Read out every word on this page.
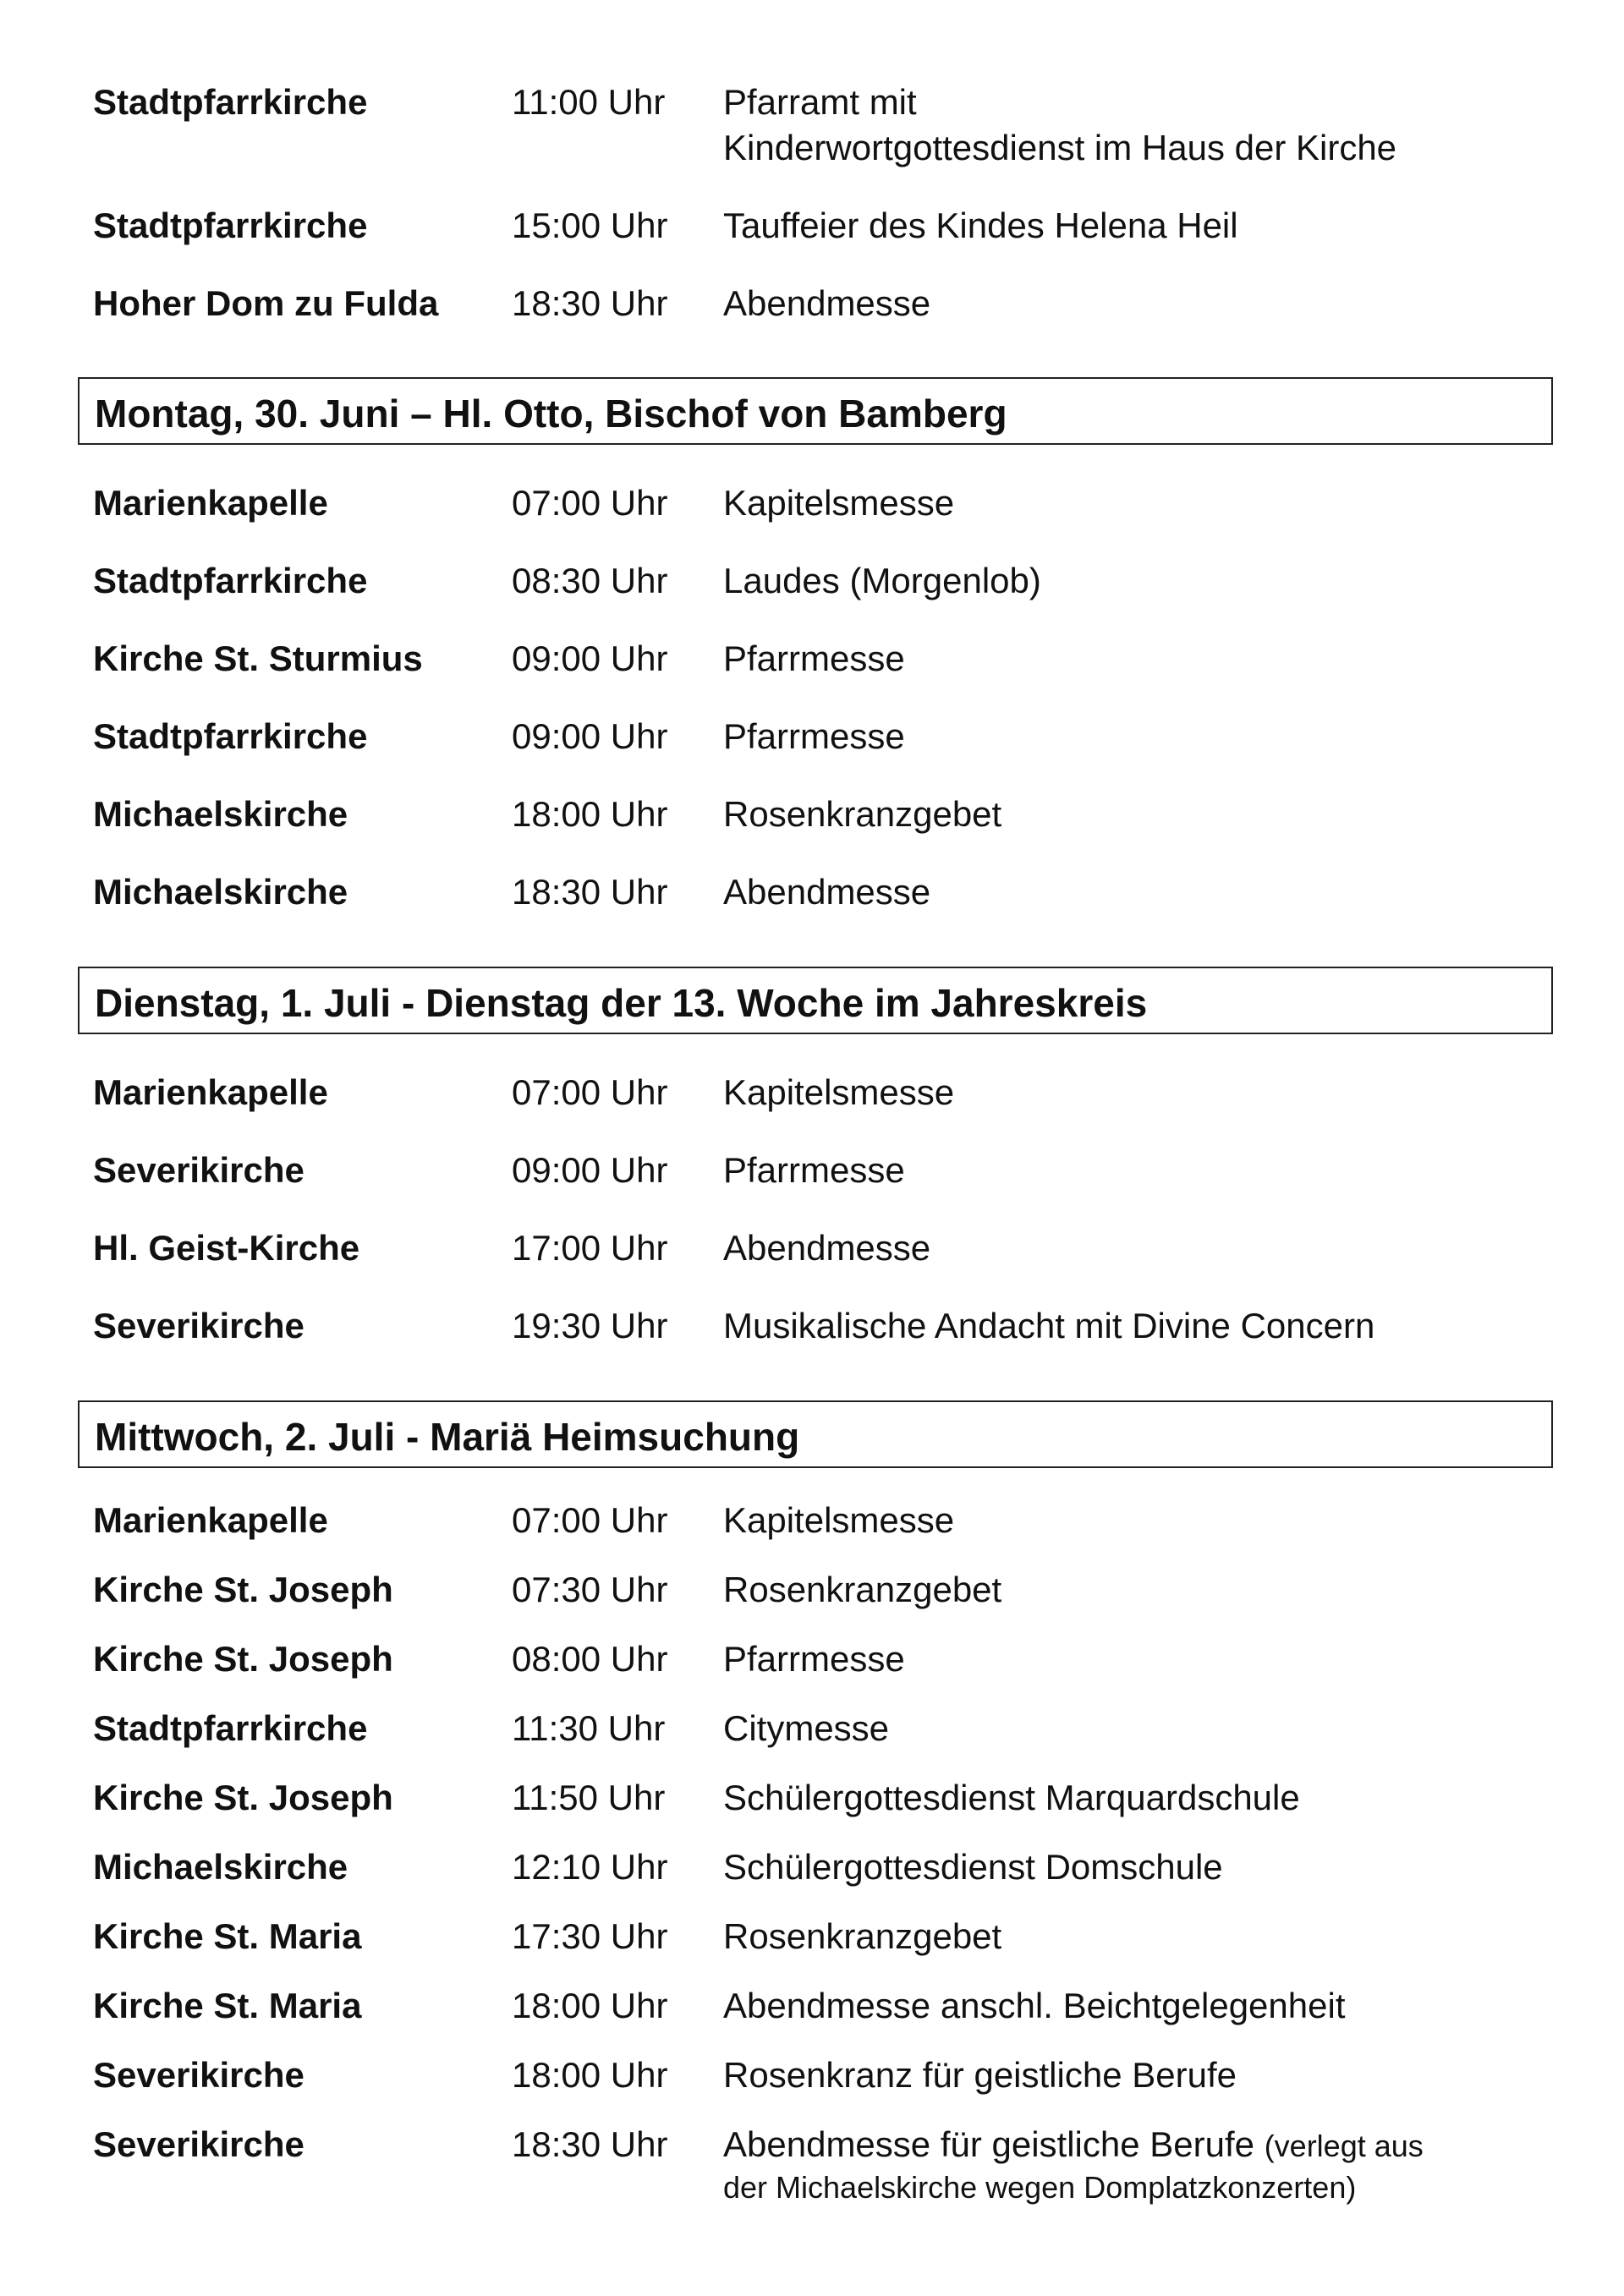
Stadtpfarrkirche	11:00 Uhr Pfarramt mit
Kinderwortgottesdienst im Haus der Kirche
Stadtpfarrkirche	15:00 Uhr Tauffeier des Kindes Helena Heil
Hoher Dom zu Fulda 18:30 Uhr Abendmesse
Montag, 30. Juni – Hl. Otto, Bischof von Bamberg
Marienkapelle	07:00 Uhr Kapitelsmesse
Stadtpfarrkirche	08:30 Uhr Laudes (Morgenlob)
Kirche St. Sturmius	09:00 Uhr Pfarrmesse
Stadtpfarrkirche	09:00 Uhr Pfarrmesse
Michaelskirche	18:00 Uhr Rosenkranzgebet
Michaelskirche	18:30 Uhr Abendmesse
Dienstag, 1. Juli - Dienstag der 13. Woche im Jahreskreis
Marienkapelle	07:00 Uhr Kapitelsmesse
Severikirche	09:00 Uhr Pfarrmesse
Hl. Geist-Kirche	17:00 Uhr Abendmesse
Severikirche	19:30 Uhr Musikalische Andacht mit Divine Concern
Mittwoch, 2. Juli - Mariä Heimsuchung
Marienkapelle	07:00 Uhr Kapitelsmesse
Kirche St. Joseph	07:30 Uhr Rosenkranzgebet
Kirche St. Joseph	08:00 Uhr Pfarrmesse
Stadtpfarrkirche	11:30 Uhr Citymesse
Kirche St. Joseph	11:50 Uhr Schülergottesdienst Marquardschule
Michaelskirche	12:10 Uhr Schülergottesdienst Domschule
Kirche St. Maria	17:30 Uhr Rosenkranzgebet
Kirche St. Maria	18:00 Uhr Abendmesse anschl. Beichtgelegenheit
Severikirche	18:00 Uhr Rosenkranz für geistliche Berufe
Severikirche	18:30 Uhr Abendmesse für geistliche Berufe (verlegt aus
der Michaelskirche wegen Domplatzkonzerten)
